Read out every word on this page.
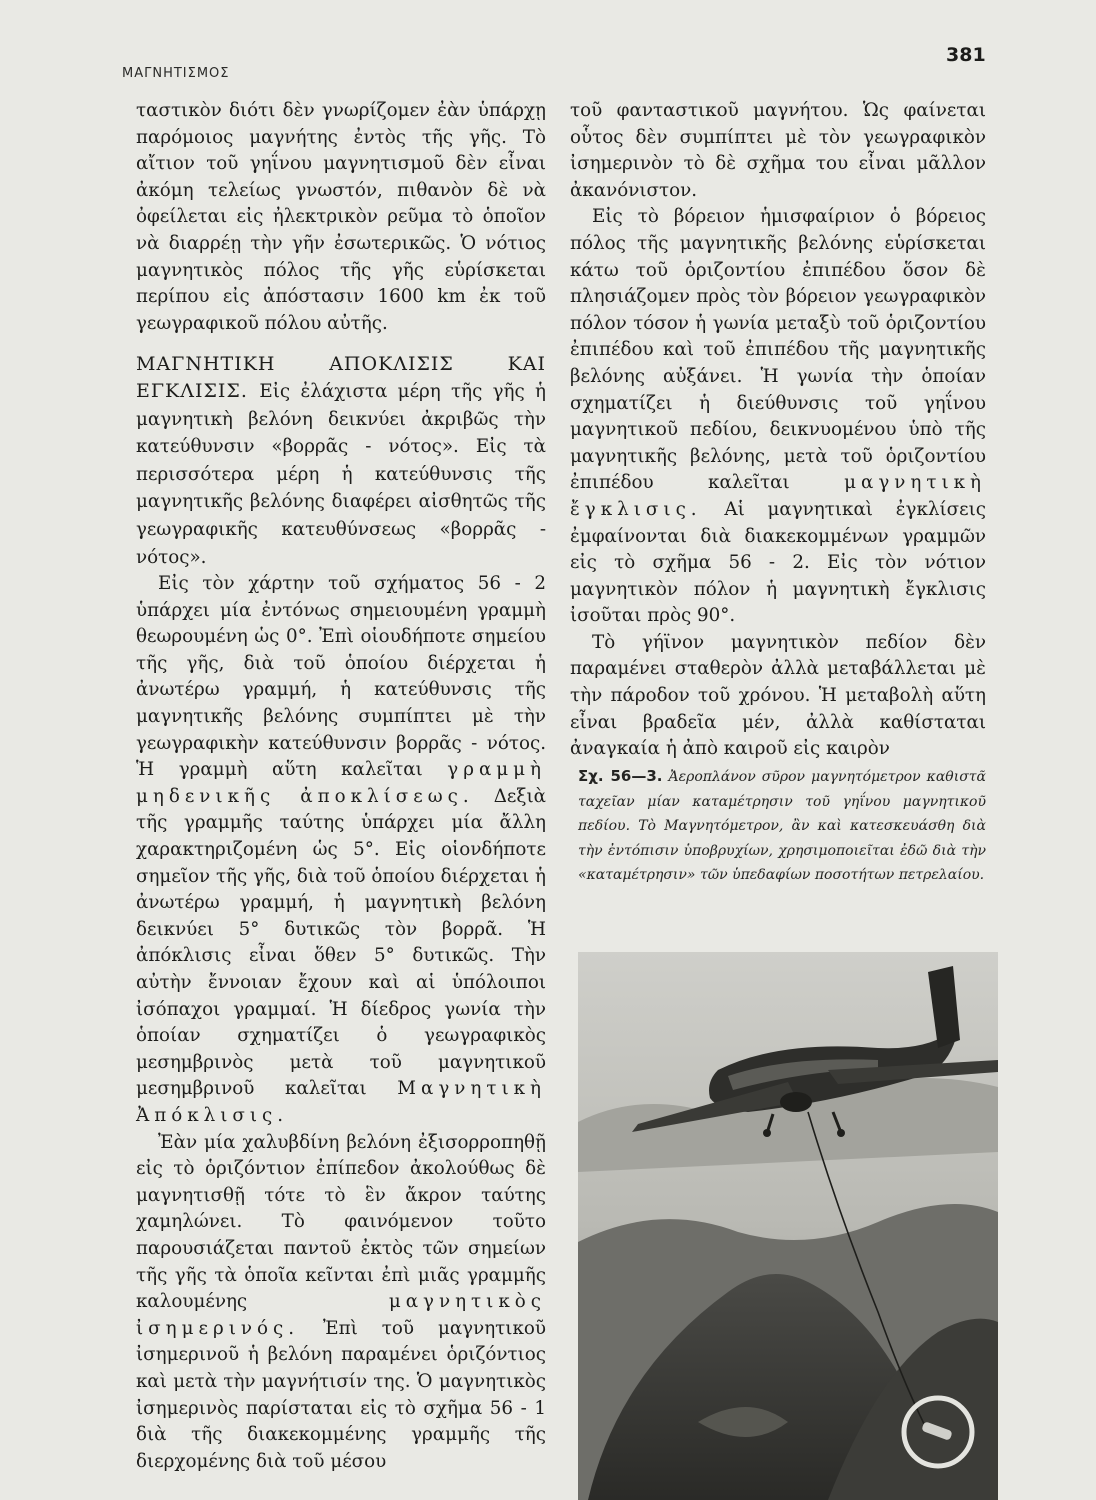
ΜΑΓΝΗΤΙΣΜΟΣ
381

ταστικὸν διότι δὲν γνωρίζομεν ἐὰν ὑπάρχῃ παρόμοιος μαγνήτης ἐντὸς τῆς γῆς. Τὸ αἴτιον τοῦ γηΐνου μαγνητισμοῦ δὲν εἶναι ἀκόμη τελείως γνωστόν, πιθανὸν δὲ νὰ ὀφείλεται εἰς ἠλεκτρικὸν ρεῦμα τὸ ὁποῖον νὰ διαρρέῃ τὴν γῆν ἐσωτερικῶς. Ὁ νότιος μαγνητικὸς πόλος τῆς γῆς εὑρίσκεται περίπου εἰς ἀπόστασιν 1600 km ἐκ τοῦ γεωγραφικοῦ πόλου αὐτῆς.

ΜΑΓΝΗΤΙΚΗ ΑΠΟΚΛΙΣΙΣ ΚΑΙ ΕΓΚΛΙΣΙΣ. Εἰς ἐλάχιστα μέρη τῆς γῆς ἡ μαγνητικὴ βελόνη δεικνύει ἀκριβῶς τὴν κατεύθυνσιν «βορρᾶς - νότος». Εἰς τὰ περισσότερα μέρη ἡ κατεύθυνσις τῆς μαγνητικῆς βελόνης διαφέρει αἰσθητῶς τῆς γεωγραφικῆς κατευθύνσεως «βορρᾶς - νότος».

Εἰς τὸν χάρτην τοῦ σχήματος 56 - 2 ὑπάρχει μία ἐντόνως σημειουμένη γραμμὴ θεωρουμένη ὡς 0°. Ἐπὶ οἱουδήποτε σημείου τῆς γῆς, διὰ τοῦ ὁποίου διέρχεται ἡ ἀνωτέρω γραμμή, ἡ κατεύθυνσις τῆς μαγνητικῆς βελόνης συμπίπτει μὲ τὴν γεωγραφικὴν κατεύθυνσιν βορρᾶς - νότος. Ἡ γραμμὴ αὕτη καλεῖται γραμμὴ μηδενικῆς ἀποκλίσεως. Δεξιὰ τῆς γραμμῆς ταύτης ὑπάρχει μία ἄλλη χαρακτηριζομένη ὡς 5°. Εἰς οἱονδήποτε σημεῖον τῆς γῆς, διὰ τοῦ ὁποίου διέρχεται ἡ ἀνωτέρω γραμμή, ἡ μαγνητικὴ βελόνη δεικνύει 5° δυτικῶς τὸν βορρᾶ. Ἡ ἀπόκλισις εἶναι ὅθεν 5° δυτικῶς. Τὴν αὐτὴν ἔννοιαν ἔχουν καὶ αἱ ὑπόλοιποι ἰσόπαχοι γραμμαί. Ἡ δίεδρος γωνία τὴν ὁποίαν σχηματίζει ὁ γεωγραφικὸς μεσημβρινὸς μετὰ τοῦ μαγνητικοῦ μεσημβρινοῦ καλεῖται Μαγνητικὴ Ἀπόκλισις.

Ἐὰν μία χαλυβδίνη βελόνη ἐξισορροπηθῇ εἰς τὸ ὁριζόντιον ἐπίπεδον ἀκολούθως δὲ μαγνητισθῇ τότε τὸ ἓν ἄκρον ταύτης χαμηλώνει. Τὸ φαινόμενον τοῦτο παρουσιάζεται παντοῦ ἐκτὸς τῶν σημείων τῆς γῆς τὰ ὁποῖα κεῖνται ἐπὶ μιᾶς γραμμῆς καλουμένης	μαγνητικὸς ἰσημερινός. Ἐπὶ τοῦ μαγνητικοῦ ἰσημερινοῦ ἡ βελόνη παραμένει ὁριζόντιος καὶ μετὰ τὴν μαγνήτισίν της. Ὁ μαγνητικὸς ἰσημερινὸς παρίσταται εἰς τὸ σχῆμα 56 - 1 διὰ τῆς διακεκομμένης γραμμῆς τῆς διερχομένης διὰ τοῦ μέσου

τοῦ φανταστικοῦ μαγνήτου. Ὡς φαίνεται οὗτος δὲν συμπίπτει μὲ τὸν γεωγραφικὸν ἰσημερινὸν τὸ δὲ σχῆμα του εἶναι μᾶλλον ἀκανόνιστον.

Εἰς τὸ βόρειον ἡμισφαίριον ὁ βόρειος πόλος τῆς μαγνητικῆς βελόνης εὑρίσκεται κάτω τοῦ ὁριζοντίου ἐπιπέδου ὅσον δὲ πλησιάζομεν πρὸς τὸν βόρειον γεωγραφικὸν πόλον τόσον ἡ γωνία μεταξὺ τοῦ ὁριζοντίου ἐπιπέδου καὶ τοῦ ἐπιπέδου τῆς μαγνητικῆς βελόνης αὐξάνει. Ἡ γωνία τὴν ὁποίαν σχηματίζει ἡ διεύθυνσις τοῦ γηΐνου μαγνητικοῦ πεδίου, δεικνυομένου ὑπὸ τῆς μαγνητικῆς βελόνης, μετὰ τοῦ ὁριζοντίου ἐπιπέδου καλεῖται	μαγνητικὴ ἔγκλισις. Αἱ μαγνητικαὶ ἐγκλίσεις ἐμφαίνονται διὰ διακεκομμένων γραμμῶν εἰς τὸ σχῆμα 56 - 2. Εἰς τὸν νότιον μαγνητικὸν πόλον ἡ μαγνητικὴ ἔγκλισις ἰσοῦται πρὸς 90°.

Τὸ γήϊνον μαγνητικὸν πεδίον δὲν παραμένει σταθερὸν ἀλλὰ μεταβάλλεται μὲ τὴν πάροδον τοῦ χρόνου. Ἡ μεταβολὴ αὕτη εἶναι βραδεῖα μέν, ἀλλὰ καθίσταται ἀναγκαία ἡ ἀπὸ καιροῦ εἰς καιρὸν

Σχ. 56—3. Ἀεροπλάνον σῦρον μαγνητόμετρον καθιστᾶ ταχεῖαν μίαν καταμέτρησιν τοῦ γηΐνου μαγνητικοῦ πεδίου. Τὸ Μαγνητόμετρον, ἂν καὶ κατεσκευάσθη διὰ τὴν ἐντόπισιν ὑποβρυχίων, χρησιμοποιεῖται ἐδῶ διὰ τὴν «καταμέτρησιν» τῶν ὑπεδαφίων ποσοτήτων πετρελαίου.
